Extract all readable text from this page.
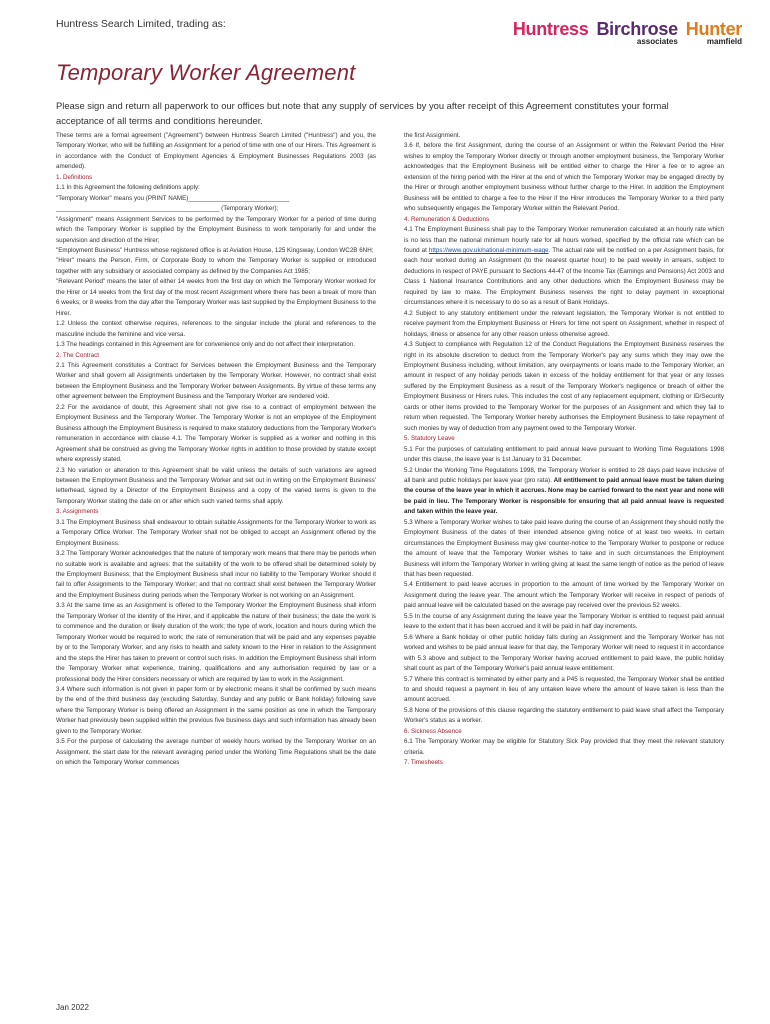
Huntress Search Limited, trading as:	Huntress Birchrose
associates
Hunter
mamfield
Temporary Worker Agreement
Please sign and return all paperwork to our offices but note that any supply of services by you after receipt of this Agreement constitutes your formal acceptance of all terms and conditions hereunder.

These terms are a formal agreement ("Agreement") between Huntress Search Limited ("Huntress") and you, the Temporary Worker, who will be fulfilling an Assignment for a period of time with one of our Hirers. This Agreement is in accordance with the Conduct of Employment Agencies & Employment Businesses Regulations 2003 (as amended).

1. Definitions

1.1 In this Agreement the following definitions apply:

"Temporary Worker" means you (PRINT NAME)_____________________________

_______________________________________________ (Temporary Worker);

"Assignment" means Assignment Services to be performed by the Temporary Worker for a period of time during which the Temporary Worker is supplied by the Employment Business to work temporarily for and under the supervision and direction of the Hirer;

"Employment Business" Huntress whose registered office is at Aviation House, 125 Kingsway, London WC2B 6NH;

"Hirer" means the Person, Firm, or Corporate Body to whom the Temporary Worker is supplied or introduced together with any subsidiary or associated company as defined by the Companies Act 1985;

"Relevant Period" means the later of either 14 weeks from the first day on which the Temporary Worker worked for the Hirer or 14 weeks from the first day of the most recent Assignment where there has been a break of more than 6 weeks; or 8 weeks from the day after the Temporary Worker was last supplied by the Employment Business to the Hirer.

1.2 Unless the context otherwise requires, references to the singular include the plural and references to the masculine include the feminine and vice versa.

1.3 The headings contained in this Agreement are for convenience only and do not affect their interpretation.

2. The Contract

2.1 This Agreement constitutes a Contract for Services between the Employment Business and the Temporary Worker and shall govern all Assignments undertaken by the Temporary Worker. However, no contract shall exist between the Employment Business and the Temporary Worker between Assignments. By virtue of these terms any other agreement between the Employment Business and the Temporary Worker are rendered void.

2.2 For the avoidance of doubt, this Agreement shall not give rise to a contract of employment between the Employment Business and the Temporary Worker. The Temporary Worker is not an employee of the Employment Business although the Employment Business is required to make statutory deductions from the Temporary Worker's remuneration in accordance with clause 4.1. The Temporary Worker is supplied as a worker and nothing in this Agreement shall be construed as giving the Temporary Worker rights in addition to those provided by statute except where expressly stated.

2.3 No variation or alteration to this Agreement shall be valid unless the details of such variations are agreed between the Employment Business and the Temporary Worker and set out in writing on the Employment Business' letterhead, signed by a Director of the Employment Business and a copy of the varied terms is given to the Temporary Worker stating the date on or after which such varied terms shall apply.

3. Assignments

3.1 The Employment Business shall endeavour to obtain suitable Assignments for the Temporary Worker to work as a Temporary Office Worker. The Temporary Worker shall not be obliged to accept an Assignment offered by the Employment Business.

3.2 The Temporary Worker acknowledges that the nature of temporary work means that there may be periods when no suitable work is available and agrees: that the suitability of the work to be offered shall be determined solely by the Employment Business; that the Employment Business shall incur no liability to the Temporary Worker should it fail to offer Assignments to the Temporary Worker; and that no contract shall exist between the Temporary Worker and the Employment Business during periods when the Temporary Worker is not working on an Assignment.

3.3 At the same time as an Assignment is offered to the Temporary Worker the Employment Business shall inform the Temporary Worker of the identity of the Hirer, and if applicable the nature of their business; the date the work is to commence and the duration or likely duration of the work; the type of work, location and hours during which the Temporary Worker would be required to work; the rate of remuneration that will be paid and any expenses payable by or to the Temporary Worker; and any risks to health and safety known to the Hirer in relation to the Assignment and the steps the Hirer has taken to prevent or control such risks. In addition the Employment Business shall inform the Temporary Worker what experience, training, qualifications and any authorisation required by law or a professional body the Hirer considers necessary or which are required by law to work in the Assignment.

3.4 Where such information is not given in paper form or by electronic means it shall be confirmed by such means by the end of the third business day (excluding Saturday, Sunday and any public or Bank holiday) following save where the Temporary Worker is being offered an Assignment in the same position as one in which the Temporary Worker had previously been supplied within the previous five business days and such information has already been given to the Temporary Worker.

3.5 For the purpose of calculating the average number of weekly hours worked by the Temporary Worker on an Assignment, the start date for the relevant averaging period under the Working Time Regulations shall be the date on which the Temporary Worker commences

the first Assignment.

3.6 If, before the first Assignment, during the course of an Assignment or within the Relevant Period the Hirer wishes to employ the Temporary Worker directly or through another employment business, the Temporary Worker acknowledges that the Employment Business will be entitled either to charge the Hirer a fee or to agree an extension of the hiring period with the Hirer at the end of which the Temporary Worker may be engaged directly by the Hirer or through another employment business without further charge to the Hirer. In addition the Employment Business will be entitled to charge a fee to the Hirer if the Hirer introduces the Temporary Worker to a third party who subsequently engages the Temporary Worker within the Relevant Period.

4. Remuneration & Deductions

4.1 The Employment Business shall pay to the Temporary Worker remuneration calculated at an hourly rate which is no less than the national minimum hourly rate for all hours worked, specified by the official rate which can be found at https://www.gov.uk/national-minimum-wage. The actual rate will be notified on a per Assignment basis, for each hour worked during an Assignment (to the nearest quarter hour) to be paid weekly in arrears, subject to deductions in respect of PAYE pursuant to Sections 44-47 of the Income Tax (Earnings and Pensions) Act 2003 and Class 1 National Insurance Contributions and any other deductions which the Employment Business may be required by law to make. The Employment Business reserves the right to delay payment in exceptional circumstances where it is necessary to do so as a result of Bank Holidays.

4.2 Subject to any statutory entitlement under the relevant legislation, the Temporary Worker is not entitled to receive payment from the Employment Business or Hirers for time not spent on Assignment, whether in respect of holidays, illness or absence for any other reason unless otherwise agreed.

4.3 Subject to compliance with Regulation 12 of the Conduct Regulations the Employment Business reserves the right in its absolute discretion to deduct from the Temporary Worker's pay any sums which they may owe the Employment Business including, without limitation, any overpayments or loans made to the Temporary Worker, an amount in respect of any holiday periods taken in excess of the holiday entitlement for that year or any losses suffered by the Employment Business as a result of the Temporary Worker's negligence or breach of either the Employment Business or Hirers rules. This includes the cost of any replacement equipment, clothing or ID/Security cards or other items provided to the Temporary Worker for the purposes of an Assignment and which they fail to return when requested. The Temporary Worker hereby authorises the Employment Business to take repayment of such monies by way of deduction from any payment owed to the Temporary Worker.

5. Statutory Leave

5.1 For the purposes of calculating entitlement to paid annual leave pursuant to Working Time Regulations 1998 under this clause, the leave year is 1st January to 31 December.

5.2 Under the Working Time Regulations 1998, the Temporary Worker is entitled to 28 days paid leave inclusive of all bank and public holidays per leave year (pro rata). All entitlement to paid annual leave must be taken during the course of the leave year in which it accrues. None may be carried forward to the next year and none will be paid in lieu. The Temporary Worker is responsible for ensuring that all paid annual leave is requested and taken within the leave year.

5.3 Where a Temporary Worker wishes to take paid leave during the course of an Assignment they should notify the Employment Business of the dates of their intended absence giving notice of at least two weeks. In certain circumstances the Employment Business may give counter-notice to the Temporary Worker to postpone or reduce the amount of leave that the Temporary Worker wishes to take and in such circumstances the Employment Business will inform the Temporary Worker in writing giving at least the same length of notice as the period of leave that has been requested.

5.4 Entitlement to paid leave accrues in proportion to the amount of time worked by the Temporary Worker on Assignment during the leave year. The amount which the Temporary Worker will receive in respect of periods of paid annual leave will be calculated based on the average pay received over the previous 52 weeks.

5.5 In the course of any Assignment during the leave year the Temporary Worker is entitled to request paid annual leave to the extent that it has been accrued and it will be paid in half day increments.

5.6 Where a Bank holiday or other public holiday falls during an Assignment and the Temporary Worker has not worked and wishes to be paid annual leave for that day, the Temporary Worker will need to request it in accordance with 5.3 above and subject to the Temporary Worker having accrued entitlement to paid leave, the public holiday shall count as part of the Temporary Worker's paid annual leave entitlement.

5.7 Where this contract is terminated by either party and a P45 is requested, the Temporary Worker shall be entitled to and should request a payment in lieu of any untaken leave where the amount of leave taken is less than the amount accrued.

5.8 None of the provisions of this clause regarding the statutory entitlement to paid leave shall affect the Temporary Worker's status as a worker.

6. Sickness Absence

6.1 The Temporary Worker may be eligible for Statutory Sick Pay provided that they meet the relevant statutory criteria.

7. Timesheets

Jan 2022
